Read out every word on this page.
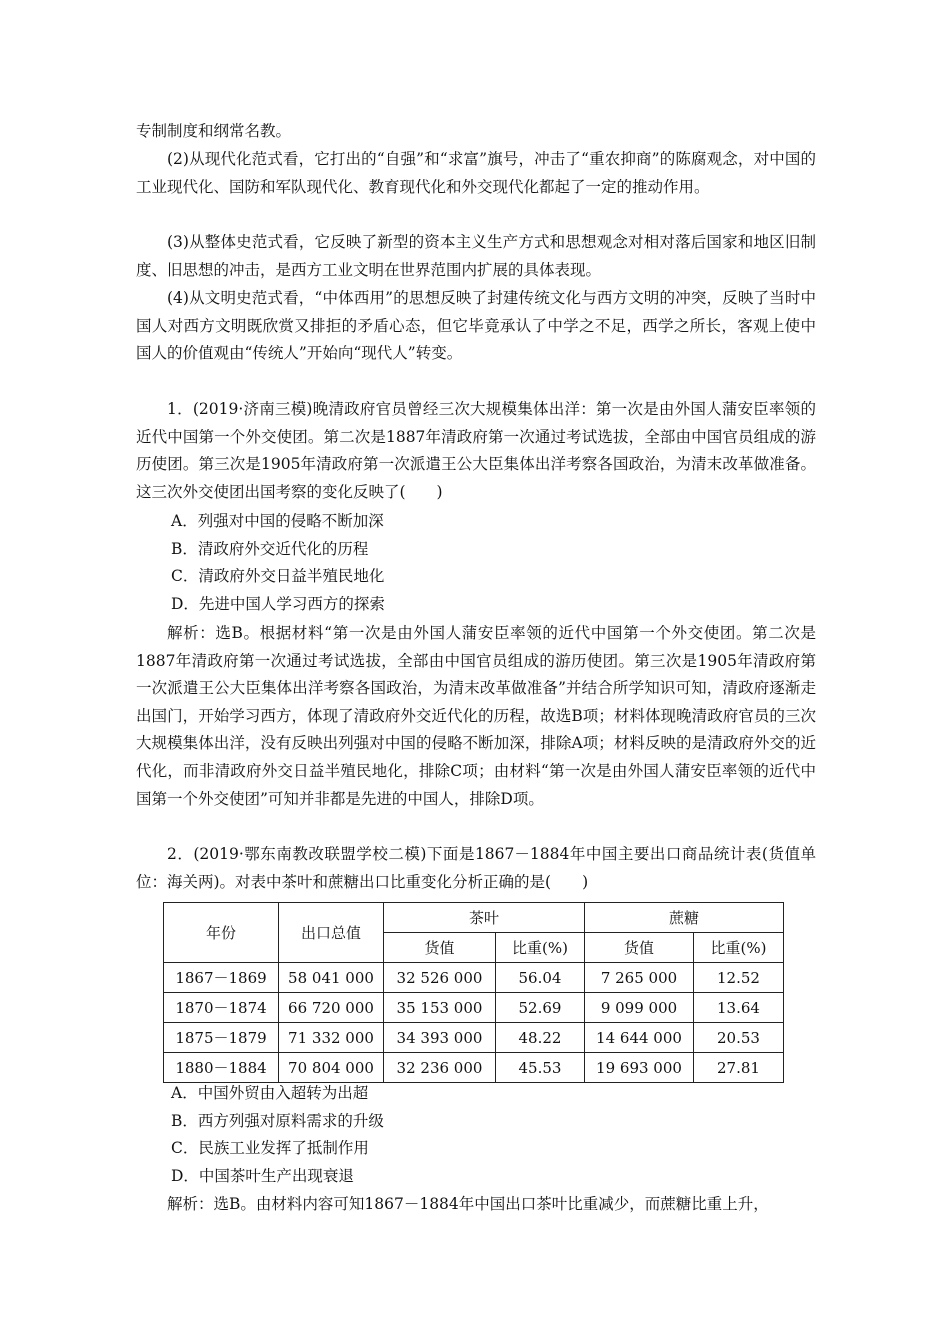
专制制度和纲常名教。

(2)从现代化范式看，它打出的“自强”和“求富”旗号，冲击了“重农抑商”的陈腐观念，对中国的工业现代化、国防和军队现代化、教育现代化和外交现代化都起了一定的推动作用。

(3)从整体史范式看，它反映了新型的资本主义生产方式和思想观念对相对落后国家和地区旧制度、旧思想的冲击，是西方工业文明在世界范围内扩展的具体表现。

(4)从文明史范式看，“中体西用”的思想反映了封建传统文化与西方文明的冲突，反映了当时中国人对西方文明既欣赏又排拒的矛盾心态，但它毕竟承认了中学之不足，西学之所长，客观上使中国人的价值观由“传统人”开始向“现代人”转变。

1．(2019·济南三模)晚清政府官员曾经三次大规模集体出洋：第一次是由外国人蒲安臣率领的近代中国第一个外交使团。第二次是1887年清政府第一次通过考试选拔，全部由中国官员组成的游历使团。第三次是1905年清政府第一次派遣王公大臣集体出洋考察各国政治，为清末改革做准备。这三次外交使团出国考察的变化反映了(　　)

A．列强对中国的侵略不断加深

B．清政府外交近代化的历程

C．清政府外交日益半殖民地化

D．先进中国人学习西方的探索

解析：选B。根据材料“第一次是由外国人蒲安臣率领的近代中国第一个外交使团。第二次是1887年清政府第一次通过考试选拔，全部由中国官员组成的游历使团。第三次是1905年清政府第一次派遣王公大臣集体出洋考察各国政治，为清末改革做准备”并结合所学知识可知，清政府逐渐走出国门，开始学习西方，体现了清政府外交近代化的历程，故选B项；材料体现晚清政府官员的三次大规模集体出洋，没有反映出列强对中国的侵略不断加深，排除A项；材料反映的是清政府外交的近代化，而非清政府外交日益半殖民地化，排除C项；由材料“第一次是由外国人蒲安臣率领的近代中国第一个外交使团”可知并非都是先进的中国人，排除D项。

2．(2019·鄂东南教改联盟学校二模)下面是1867－1884年中国主要出口商品统计表(货值单位：海关两)。对表中茶叶和蔗糖出口比重变化分析正确的是(　　)

年份	出口总值	茶叶		蔗糖	
		货值	比重(%)	货值	比重(%)
1867－1869	58 041 000	32 526 000	56.04	7 265 000	12.52
1870－1874	66 720 000	35 153 000	52.69	9 099 000	13.64
1875－1879	71 332 000	34 393 000	48.22	14 644 000	20.53
1880－1884	70 804 000	32 236 000	45.53	19 693 000	27.81

A．中国外贸由入超转为出超

B．西方列强对原料需求的升级

C．民族工业发挥了抵制作用

D．中国茶叶生产出现衰退

解析：选B。由材料内容可知1867－1884年中国出口茶叶比重减少，而蔗糖比重上升，
